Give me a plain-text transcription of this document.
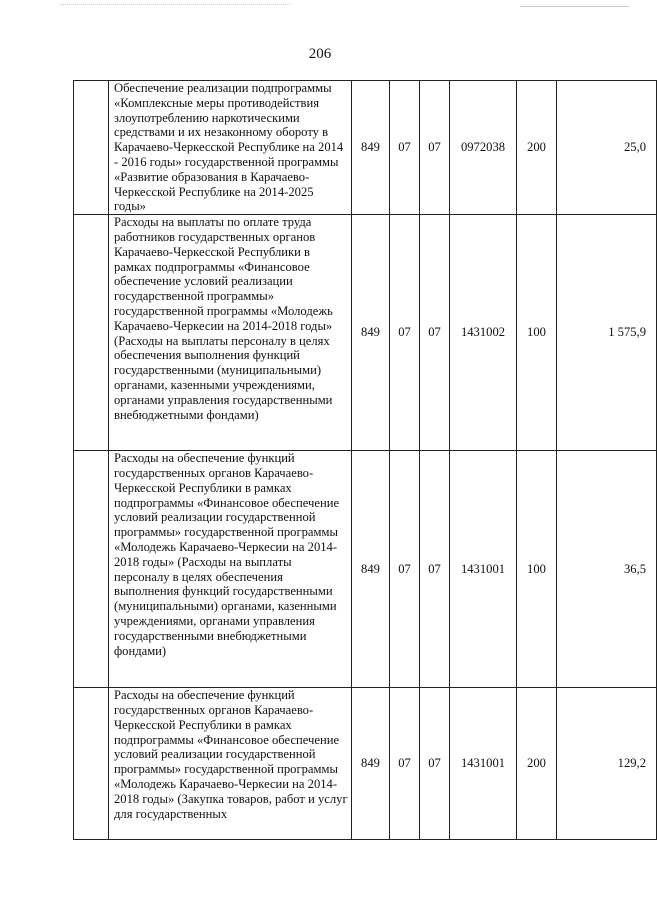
206
	Обеспечение реализации подпрограммы «Комплексные меры противодействия злоупотреблению наркотическими средствами и их незаконному обороту в Карачаево-Черкесской Республике на 2014 - 2016 годы» государственной программы «Развитие образования в Карачаево-Черкесской Республике на 2014-2025 годы»	849	07	07	0972038	200	25,0
	Расходы на выплаты по оплате труда работников государственных органов Карачаево-Черкесской Республики в рамках подпрограммы «Финансовое обеспечение условий реализации государственной программы» государственной программы «Молодежь Карачаево-Черкесии на 2014-2018 годы» (Расходы на выплаты персоналу в целях обеспечения выполнения функций государственными (муниципальными) органами, казенными учреждениями, органами управления государственными внебюджетными фондами)	849	07	07	1431002	100	1 575,9
	Расходы на обеспечение функций государственных органов Карачаево-Черкесской Республики в рамках подпрограммы «Финансовое обеспечение условий реализации государственной программы» государственной программы «Молодежь Карачаево-Черкесии на 2014-2018 годы» (Расходы на выплаты персоналу в целях обеспечения выполнения функций государственными (муниципальными) органами, казенными учреждениями, органами управления государственными внебюджетными фондами)	849	07	07	1431001	100	36,5
	Расходы на обеспечение функций государственных органов Карачаево-Черкесской Республики в рамках подпрограммы «Финансовое обеспечение условий реализации государственной программы» государственной программы «Молодежь Карачаево-Черкесии на 2014-2018 годы» (Закупка товаров, работ и услуг для государственных	849	07	07	1431001	200	129,2
